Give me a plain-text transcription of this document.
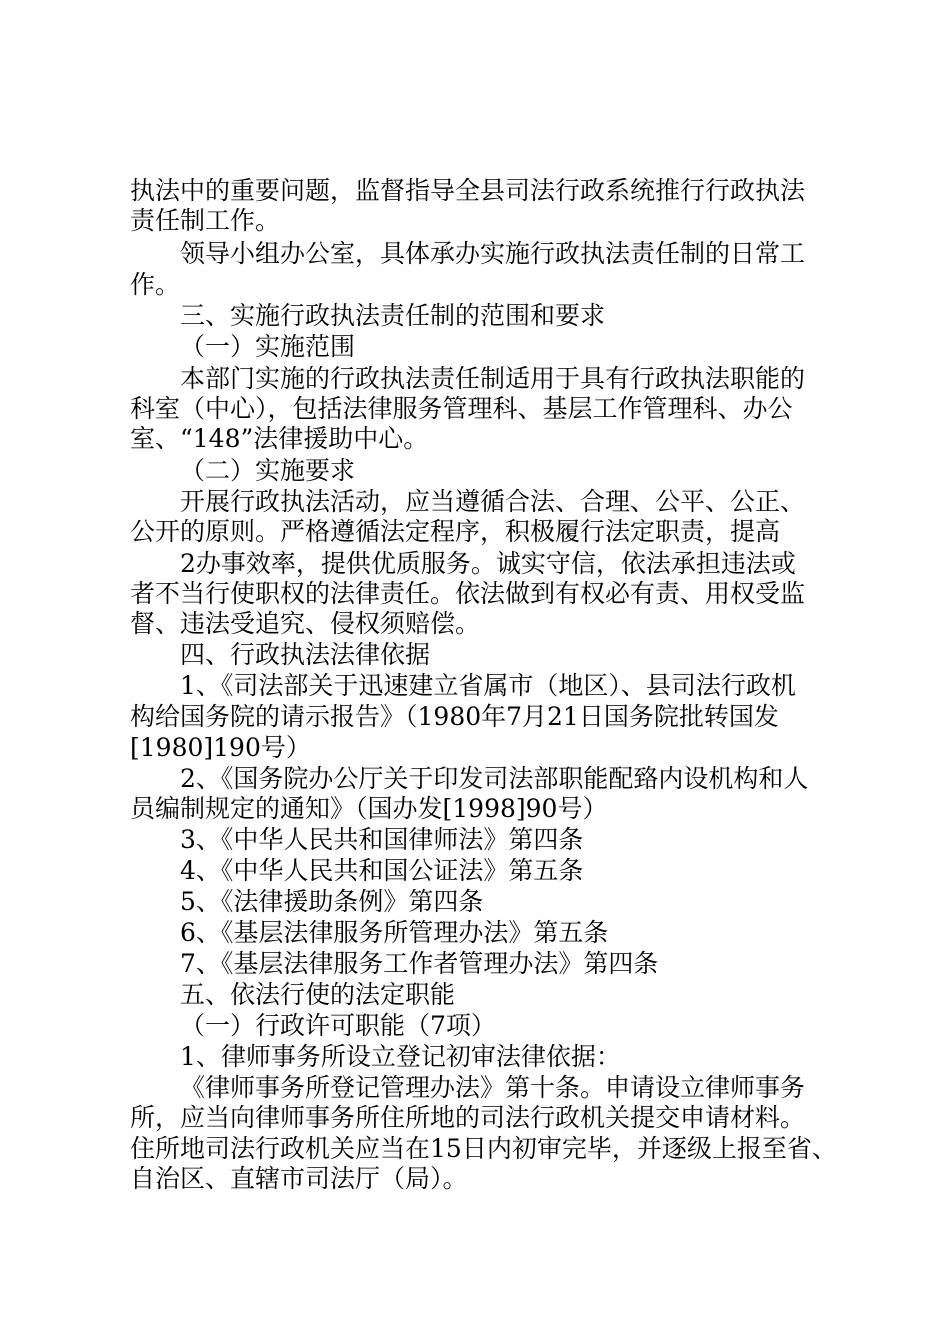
执法中的重要问题，监督指导全县司法行政系统推行行政执法
责任制工作。
领导小组办公室，具体承办实施行政执法责任制的日常工
作。
三、实施行政执法责任制的范围和要求
（一）实施范围
本部门实施的行政执法责任制适用于具有行政执法职能的
科室（中心），包括法律服务管理科、基层工作管理科、办公
室、“148”法律援助中心。
（二）实施要求
开展行政执法活动，应当遵循合法、合理、公平、公正、
公开的原则。严格遵循法定程序，积极履行法定职责，提高
2办事效率，提供优质服务。诚实守信，依法承担违法或
者不当行使职权的法律责任。依法做到有权必有责、用权受监
督、违法受追究、侵权须赔偿。
四、行政执法法律依据
1、《司法部关于迅速建立省属市（地区）、县司法行政机
构给国务院的请示报告》（1980年7月21日国务院批转国发
[1980]190号）
2、《国务院办公厅关于印发司法部职能配臵内设机构和人
员编制规定的通知》（国办发[1998]90号）
3、《中华人民共和国律师法》第四条
4、《中华人民共和国公证法》第五条
5、《法律援助条例》第四条
6、《基层法律服务所管理办法》第五条
7、《基层法律服务工作者管理办法》第四条
五、依法行使的法定职能
（一）行政许可职能（7项）
1、律师事务所设立登记初审法律依据：
《律师事务所登记管理办法》第十条。申请设立律师事务
所，应当向律师事务所住所地的司法行政机关提交申请材料。
住所地司法行政机关应当在15日内初审完毕，并逐级上报至省、
自治区、直辖市司法厅（局）。
